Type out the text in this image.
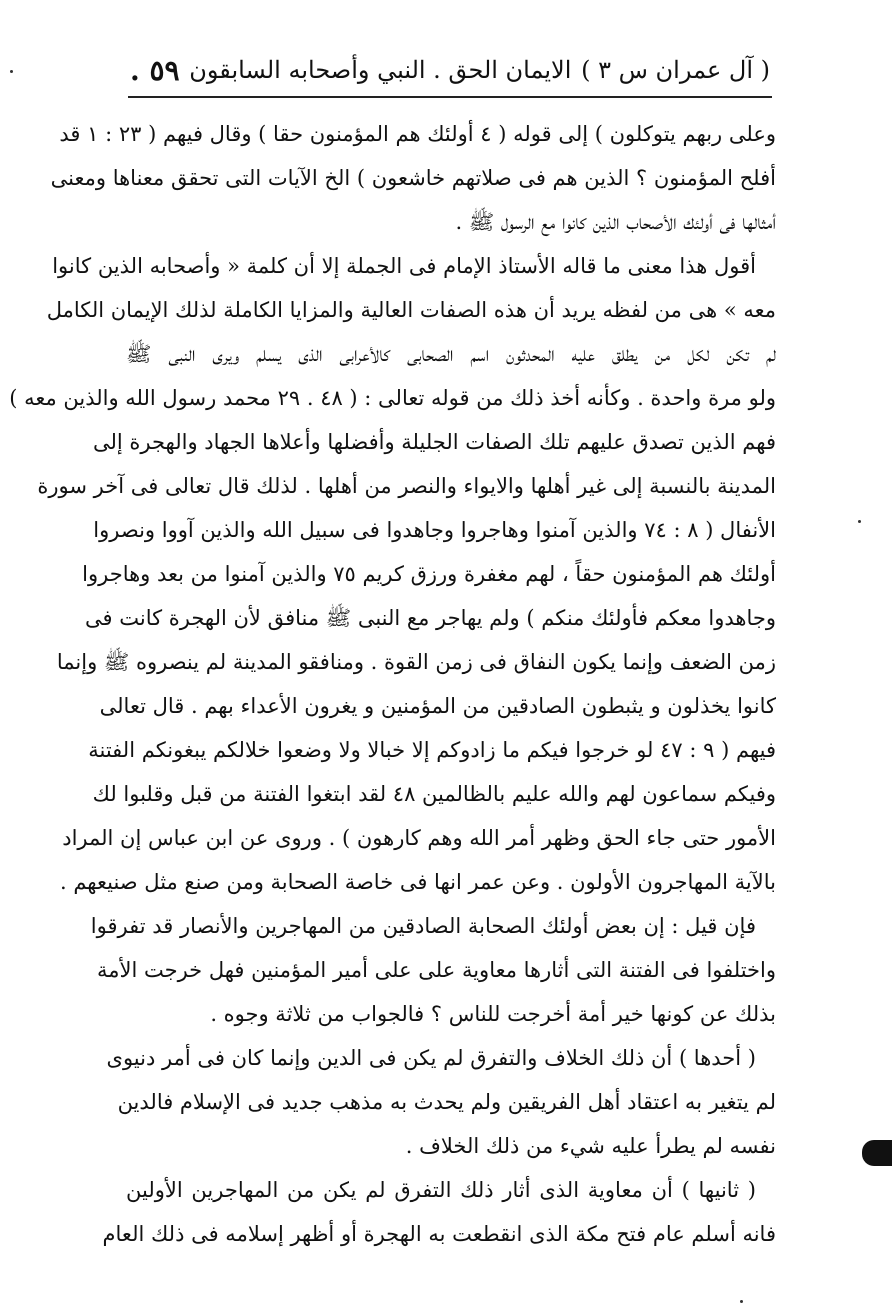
( آل عمران س ٣ )
الايمان الحق . النبي وأصحابه السابقون
٥٩ .
وعلى ربهم يتوكلون ) إلى قوله ( ٤ أولئك هم المؤمنون حقا ) وقال فيهم ( ٢٣ : ١ قد
أفلح المؤمنون ؟ الذين هم فى صلاتهم خاشعون ) الخ الآيات التى تحقق معناها ومعنى
أمثالها فى أولئك الأصحاب الذين كانوا مع الرسول ﷺ .
أقول هذا معنى ما قاله الأستاذ الإمام فى الجملة إلا أن كلمة « وأصحابه الذين كانوا
معه » هى من لفظه يريد أن هذه الصفات العالية والمزايا الكاملة لذلك الإيمان الكامل
لم تكن لكل من يطلق عليه المحدثون اسم الصحابى كالأعرابى الذى يسلم ويرى النبى ﷺ
ولو مرة واحدة . وكأنه أخذ ذلك من قوله تعالى : ( ٤٨ . ٢٩ محمد رسول الله والذين معه )
فهم الذين تصدق عليهم تلك الصفات الجليلة وأفضلها وأعلاها الجهاد والهجرة إلى
المدينة بالنسبة إلى غير أهلها والايواء والنصر من أهلها . لذلك قال تعالى فى آخر سورة
الأنفال ( ٨ : ٧٤ والذين آمنوا وهاجروا وجاهدوا فى سبيل الله والذين آووا ونصروا
أولئك هم المؤمنون حقاً ، لهم مغفرة ورزق كريم ٧٥ والذين آمنوا من بعد وهاجروا
وجاهدوا معكم فأولئك منكم ) ولم يهاجر مع النبى ﷺ منافق لأن الهجرة كانت فى
زمن الضعف وإنما يكون النفاق فى زمن القوة . ومنافقو المدينة لم ينصروه ﷺ وإنما
كانوا يخذلون و يثبطون الصادقين من المؤمنين و يغرون الأعداء بهم . قال تعالى
فيهم ( ٩ : ٤٧ لو خرجوا فيكم ما زادوكم إلا خبالا ولا وضعوا خلالكم يبغونكم الفتنة
وفيكم سماعون لهم والله عليم بالظالمين ٤٨ لقد ابتغوا الفتنة من قبل وقلبوا لك
الأمور حتى جاء الحق وظهر أمر الله وهم كارهون ) . وروى عن ابن عباس إن المراد
بالآية المهاجرون الأولون . وعن عمر انها فى خاصة الصحابة ومن صنع مثل صنيعهم .
فإن قيل : إن بعض أولئك الصحابة الصادقين من المهاجرين والأنصار قد تفرقوا
واختلفوا فى الفتنة التى أثارها معاوية على على أمير المؤمنين فهل خرجت الأمة
بذلك عن كونها خير أمة أخرجت للناس ؟ فالجواب من ثلاثة وجوه .
( أحدها ) أن ذلك الخلاف والتفرق لم يكن فى الدين وإنما كان فى أمر دنيوى
لم يتغير به اعتقاد أهل الفريقين ولم يحدث به مذهب جديد فى الإسلام فالدين
نفسه لم يطرأ عليه شيء من ذلك الخلاف .
( ثانيها ) أن معاوية الذى أثار ذلك التفرق لم يكن من المهاجرين الأولين
فانه أسلم عام فتح مكة الذى انقطعت به الهجرة أو أظهر إسلامه فى ذلك العام
